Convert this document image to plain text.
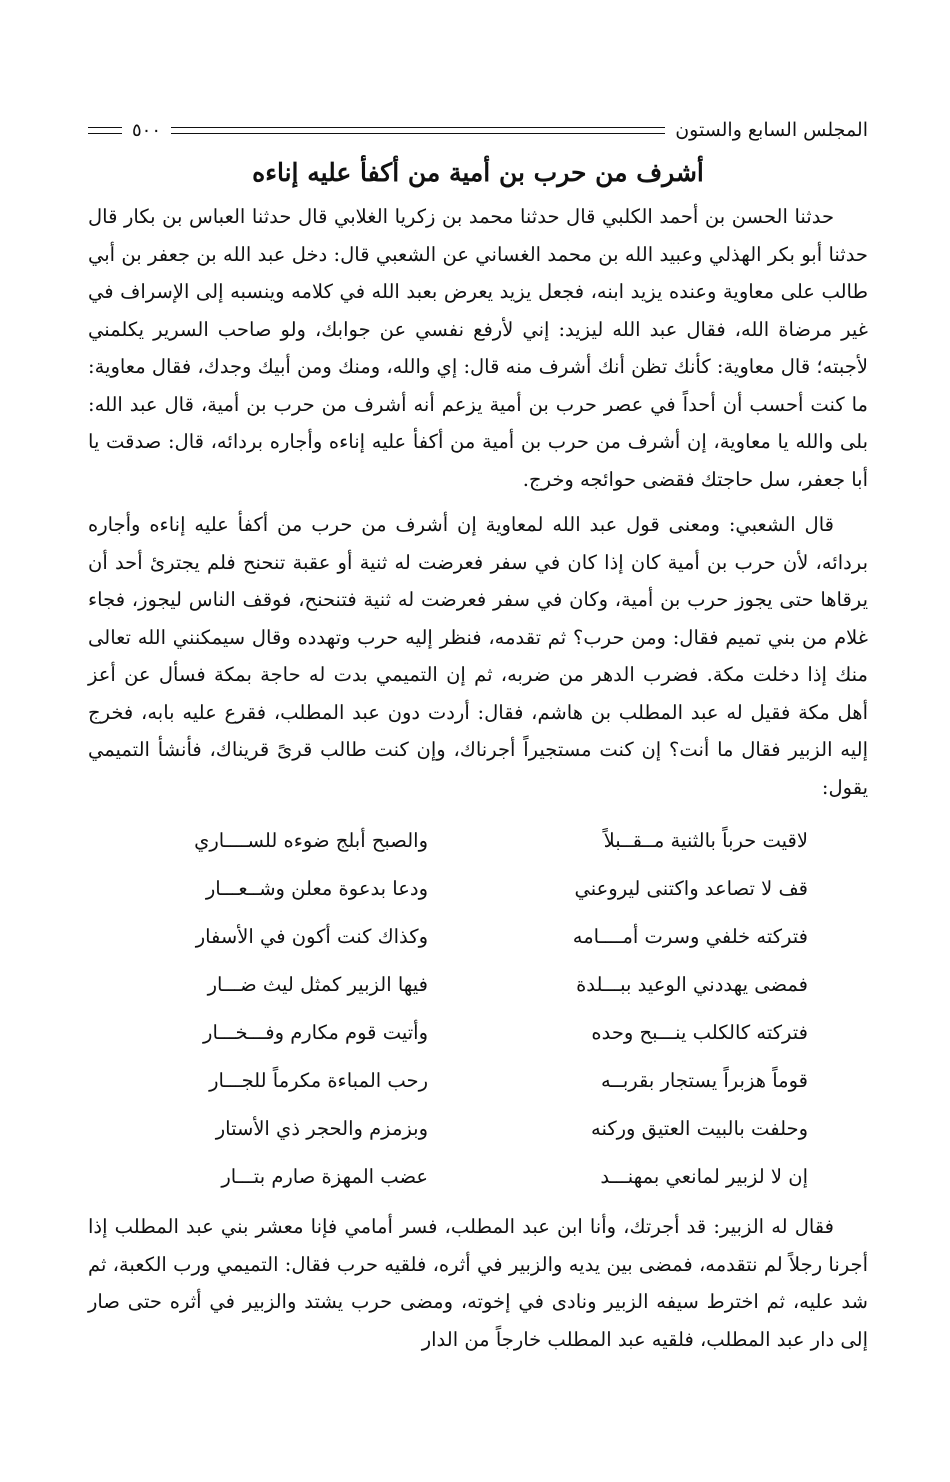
المجلس السابع والستون
٥٠٠
أشرف من حرب بن أمية من أكفأ عليه إناءه

حدثنا الحسن بن أحمد الكلبي قال حدثنا محمد بن زكريا الغلابي قال حدثنا العباس بن بكار قال حدثنا أبو بكر الهذلي وعبيد الله بن محمد الغساني عن الشعبي قال: دخل عبد الله بن جعفر بن أبي طالب على معاوية وعنده يزيد ابنه، فجعل يزيد يعرض بعبد الله في كلامه وينسبه إلى الإسراف في غير مرضاة الله، فقال عبد الله ليزيد: إني لأرفع نفسي عن جوابك، ولو صاحب السرير يكلمني لأجبته؛ قال معاوية: كأنك تظن أنك أشرف منه قال: إي والله، ومنك ومن أبيك وجدك، فقال معاوية: ما كنت أحسب أن أحداً في عصر حرب بن أمية يزعم أنه أشرف من حرب بن أمية، قال عبد الله: بلى والله يا معاوية، إن أشرف من حرب بن أمية من أكفأ عليه إناءه وأجاره بردائه، قال: صدقت يا أبا جعفر، سل حاجتك فقضى حوائجه وخرج.

قال الشعبي: ومعنى قول عبد الله لمعاوية إن أشرف من حرب من أكفأ عليه إناءه وأجاره بردائه، لأن حرب بن أمية كان إذا كان في سفر فعرضت له ثنية أو عقبة تنحنح فلم يجترئ أحد أن يرقاها حتى يجوز حرب بن أمية، وكان في سفر فعرضت له ثنية فتنحنح، فوقف الناس ليجوز، فجاء غلام من بني تميم فقال: ومن حرب؟ ثم تقدمه، فنظر إليه حرب وتهدده وقال سيمكنني الله تعالى منك إذا دخلت مكة. فضرب الدهر من ضربه، ثم إن التميمي بدت له حاجة بمكة فسأل عن أعز أهل مكة فقيل له عبد المطلب بن هاشم، فقال: أردت دون عبد المطلب، فقرع عليه بابه، فخرج إليه الزبير فقال ما أنت؟ إن كنت مستجيراً أجرناك، وإن كنت طالب قرىً قريناك، فأنشأ التميمي يقول:

لاقيت حرباً بالثنية مــقــبلاً
والصبح أبلج ضوءه للســــاري
قف لا تصاعد واكتنى ليروعني
ودعا بدعوة معلن وشــعـــار
فتركته خلفي وسرت أمــــامه
وكذاك كنت أكون في الأسفار
فمضى يهددني الوعيد ببـــلدة
فيها الزبير كمثل ليث ضـــار
فتركته كالكلب ينـــبح وحده
وأتيت قوم مكارم وفـــخـــار
قوماً هزبراً يستجار بقربــه
رحب المباءة مكرماً للجـــار
وحلفت بالبيت العتيق وركنه
وبزمزم والحجر ذي الأستار
إن لا لزبير لمانعي بمهنـــد
عضب المهزة صارم بتـــار

فقال له الزبير: قد أجرتك، وأنا ابن عبد المطلب، فسر أمامي فإنا معشر بني عبد المطلب إذا أجرنا رجلاً لم نتقدمه، فمضى بين يديه والزبير في أثره، فلقيه حرب فقال: التميمي ورب الكعبة، ثم شد عليه، ثم اخترط سيفه الزبير ونادى في إخوته، ومضى حرب يشتد والزبير في أثره حتى صار إلى دار عبد المطلب، فلقيه عبد المطلب خارجاً من الدار
